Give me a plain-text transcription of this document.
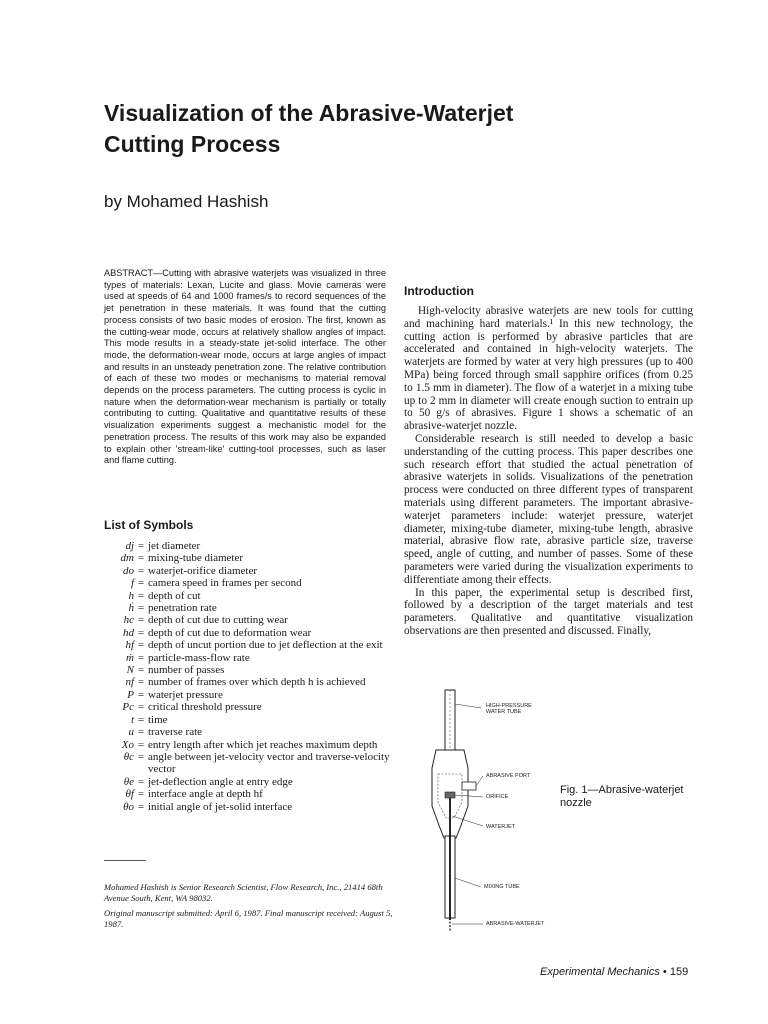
Visualization of the Abrasive-Waterjet
Cutting Process

by Mohamed Hashish

ABSTRACT—Cutting with abrasive waterjets was visualized in three types of materials: Lexan, Lucite and glass. Movie cameras were used at speeds of 64 and 1000 frames/s to record sequences of the jet penetration in these materials. It was found that the cutting process consists of two basic modes of erosion. The first, known as the cutting-wear mode, occurs at relatively shallow angles of impact. This mode results in a steady-state jet-solid interface. The other mode, the deformation-wear mode, occurs at large angles of impact and results in an unsteady penetration zone. The relative contribution of each of these two modes or mechanisms to material removal depends on the process parameters. The cutting process is cyclic in nature when the deformation-wear mechanism is partially or totally contributing to cutting. Qualitative and quantitative results of these visualization experiments suggest a mechanistic model for the penetration process. The results of this work may also be expanded to explain other 'stream-like' cutting-tool processes, such as laser and flame cutting.

List of Symbols
dj = jet diameter
dm = mixing-tube diameter
do = waterjet-orifice diameter
f = camera speed in frames per second
h = depth of cut
ḣ = penetration rate
hc = depth of cut due to cutting wear
hd = depth of cut due to deformation wear
hf = depth of uncut portion due to jet deflection at the exit
ṁ = particle-mass-flow rate
N = number of passes
nf = number of frames over which depth h is achieved
P = waterjet pressure
Pc = critical threshold pressure
t = time
u = traverse rate
Xo = entry length after which jet reaches maximum depth
θc = angle between jet-velocity vector and traverse-velocity vector
θe = jet-deflection angle at entry edge
θf = interface angle at depth hf
θo = initial angle of jet-solid interface

Mohamed Hashish is Senior Research Scientist, Flow Research, Inc., 21414 68th Avenue South, Kent, WA 98032.

Original manuscript submitted: April 6, 1987. Final manuscript received: August 5, 1987.

Introduction

High-velocity abrasive waterjets are new tools for cutting and machining hard materials.¹ In this new technology, the cutting action is performed by abrasive particles that are accelerated and contained in high-velocity waterjets. The waterjets are formed by water at very high pressures (up to 400 MPa) being forced through small sapphire orifices (from 0.25 to 1.5 mm in diameter). The flow of a waterjet in a mixing tube up to 2 mm in diameter will create enough suction to entrain up to 50 g/s of abrasives. Figure 1 shows a schematic of an abrasive-waterjet nozzle.

Considerable research is still needed to develop a basic understanding of the cutting process. This paper describes one such research effort that studied the actual penetration of abrasive waterjets in solids. Visualizations of the penetration process were conducted on three different types of transparent materials using different parameters. The important abrasive-waterjet parameters include: waterjet pressure, waterjet diameter, mixing-tube diameter, mixing-tube length, abrasive material, abrasive flow rate, abrasive particle size, traverse speed, angle of cutting, and number of passes. Some of these parameters were varied during the visualization experiments to differentiate among their effects.

In this paper, the experimental setup is described first, followed by a description of the target materials and test parameters. Qualitative and quantitative visualization observations are then presented and discussed. Finally,

HIGH-PRESSURE
WATER TUBE
ABRASIVE PORT
ORIFICE
WATERJET
MIXING TUBE
ABRASIVE-WATERJET

Fig. 1—Abrasive-waterjet
nozzle

Experimental Mechanics • 159
